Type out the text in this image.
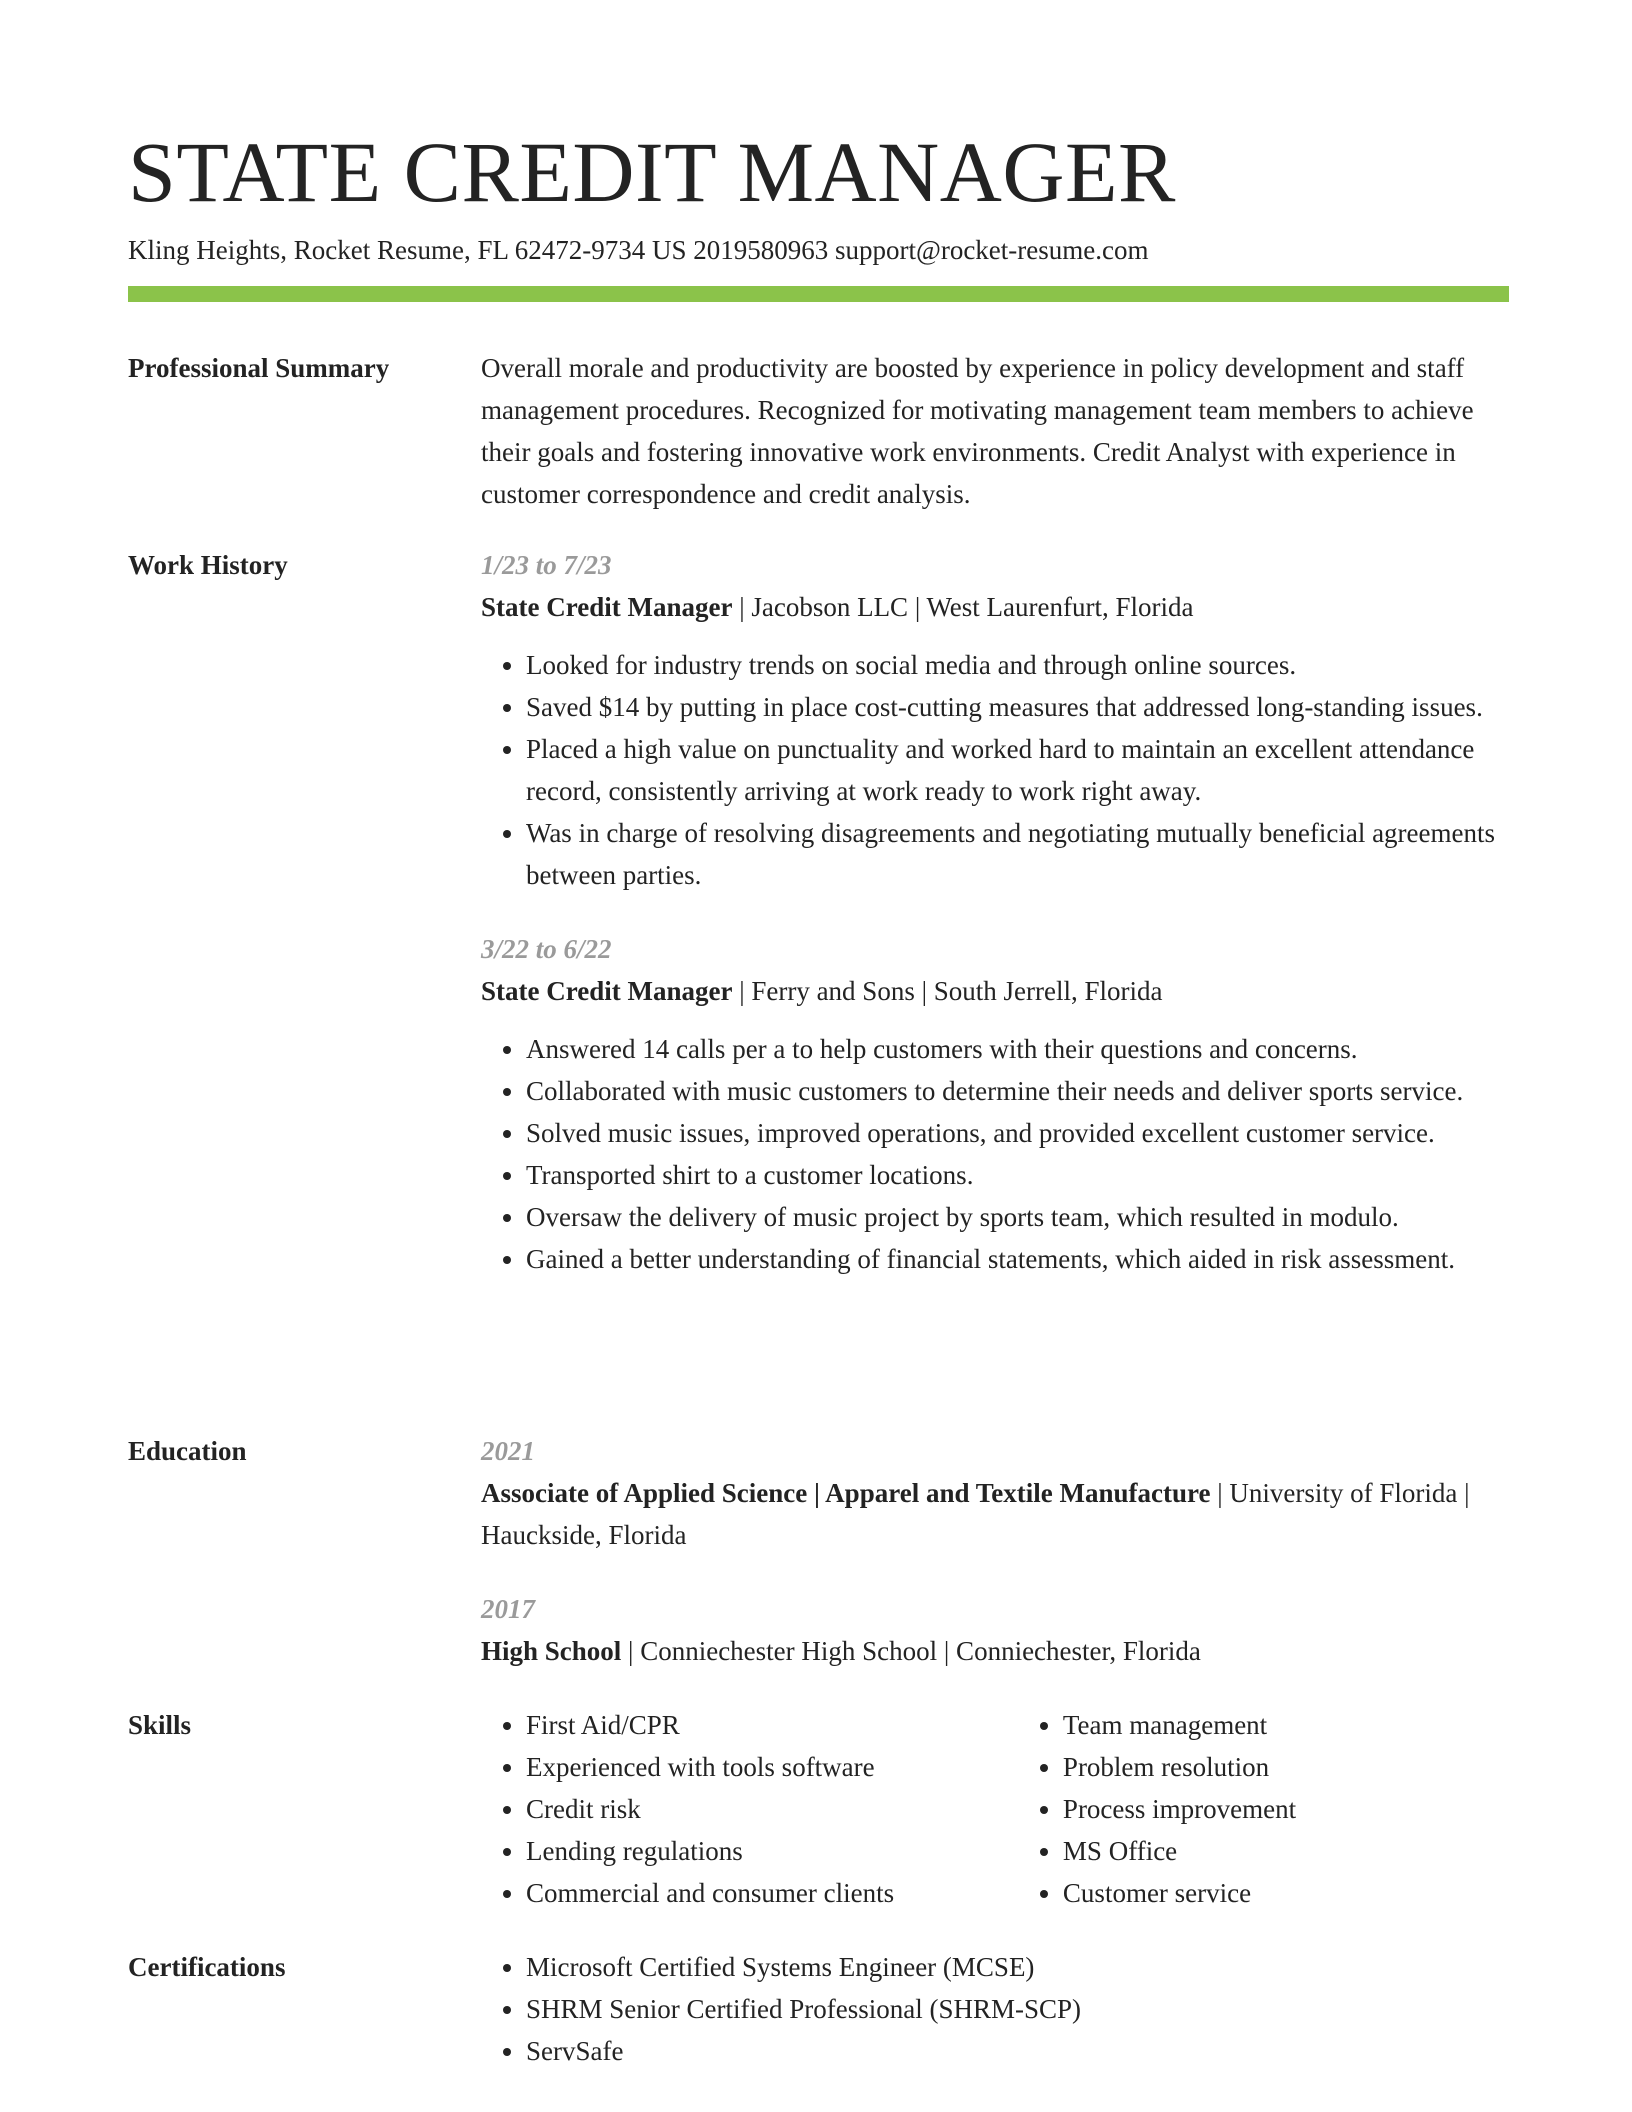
STATE CREDIT MANAGER
Kling Heights, Rocket Resume, FL 62472-9734 US 2019580963 support@rocket-resume.com
Professional Summary	Overall morale and productivity are boosted by experience in policy development and staff management procedures. Recognized for motivating management team members to achieve their goals and fostering innovative work environments. Credit Analyst with experience in customer correspondence and credit analysis.

Work History	1/23 to 7/23
State Credit Manager | Jacobson LLC | West Laurenfurt, Florida
• Looked for industry trends on social media and through online sources.
• Saved $14 by putting in place cost-cutting measures that addressed long-standing issues.
• Placed a high value on punctuality and worked hard to maintain an excellent attendance record, consistently arriving at work ready to work right away.
• Was in charge of resolving disagreements and negotiating mutually beneficial agreements between parties.
3/22 to 6/22
State Credit Manager | Ferry and Sons | South Jerrell, Florida
• Answered 14 calls per a to help customers with their questions and concerns.
• Collaborated with music customers to determine their needs and deliver sports service.
• Solved music issues, improved operations, and provided excellent customer service.
• Transported shirt to a customer locations.
• Oversaw the delivery of music project by sports team, which resulted in modulo.
• Gained a better understanding of financial statements, which aided in risk assessment.
Education	2021
Associate of Applied Science | Apparel and Textile Manufacture | University of Florida | Hauckside, Florida
2017
High School | Conniechester High School | Conniechester, Florida
Skills	• First Aid/CPR
• Experienced with tools software
• Credit risk
• Lending regulations
• Commercial and consumer clients
• Team management
• Problem resolution
• Process improvement
• MS Office
• Customer service
Certifications	• Microsoft Certified Systems Engineer (MCSE)
• SHRM Senior Certified Professional (SHRM-SCP)
• ServSafe
